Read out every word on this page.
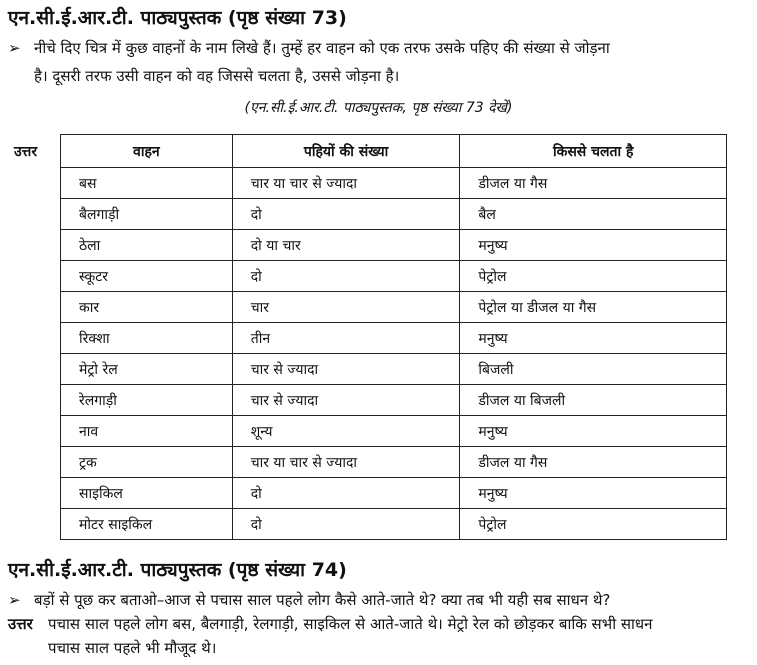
एन.सी.ई.आर.टी. पाठ्यपुस्तक (पृष्ठ संख्या 73)
➢ नीचे दिए चित्र में कुछ वाहनों के नाम लिखे हैं। तुम्हें हर वाहन को एक तरफ उसके पहिए की संख्या से जोड़ना
है। दूसरी तरफ उसी वाहन को वह जिससे चलता है, उससे जोड़ना है।
(एन.सी.ई.आर.टी. पाठ्यपुस्तक, पृष्ठ संख्या 73 देखें)
उत्तर	वाहन	पहियों की संख्या	किससे चलता है
बस	चार या चार से ज्यादा	डीजल या गैस
बैलगाड़ी	दो	बैल
ठेला	दो या चार	मनुष्य
स्कूटर	दो	पेट्रोल
कार	चार	पेट्रोल या डीजल या गैस
रिक्शा	तीन	मनुष्य
मेट्रो रेल	चार से ज्यादा	बिजली
रेलगाड़ी	चार से ज्यादा	डीजल या बिजली
नाव	शून्य	मनुष्य
ट्रक	चार या चार से ज्यादा	डीजल या गैस
साइकिल	दो	मनुष्य
मोटर साइकिल	दो	पेट्रोल
एन.सी.ई.आर.टी. पाठ्यपुस्तक (पृष्ठ संख्या 74)
➢ बड़ों से पूछ कर बताओ–आज से पचास साल पहले लोग कैसे आते-जाते थे? क्या तब भी यही सब साधन थे?
उत्तर पचास साल पहले लोग बस, बैलगाड़ी, रेलगाड़ी, साइकिल से आते-जाते थे। मेट्रो रेल को छोड़कर बाकि सभी साधन
पचास साल पहले भी मौजूद थे।
